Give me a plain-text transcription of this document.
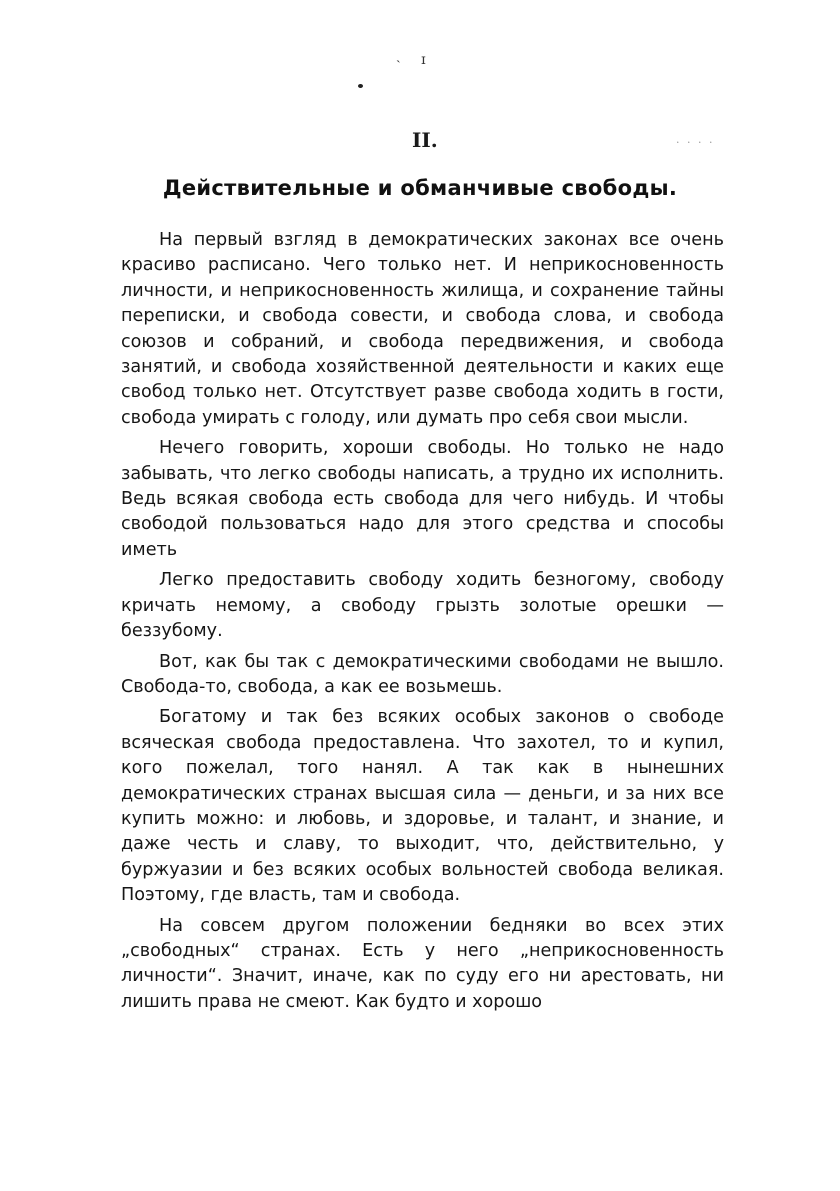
˴ ɪ
II.	· · · ·
Действительные и обманчивые свободы.

На первый взгляд в демократических законах все очень красиво расписано. Чего только нет. И неприкосновенность личности, и неприкосновенность жилища, и сохранение тайны переписки, и свобода совести, и свобода слова, и свобода союзов и собраний, и свобода передвижения, и свобода занятий, и свобода хозяйственной деятельности и каких еще свобод только нет. Отсутствует разве свобода ходить в гости, свобода умирать с голоду, или думать про себя свои мысли.

Нечего говорить, хороши свободы. Но только не надо забывать, что легко свободы написать, а трудно их исполнить. Ведь всякая свобода есть свобода для чего нибудь. И чтобы свободой пользоваться надо для этого средства и способы иметь

Легко предоставить свободу ходить безногому, свободу кричать немому, а свободу грызть золотые орешки — беззубому.

Вот, как бы так с демократическими свободами не вышло. Свобода-то, свобода, а как ее возьмешь.

Богатому и так без всяких особых законов о свободе всяческая свобода предоставлена. Что захотел, то и купил, кого пожелал, того нанял. А так как в нынешних демократических странах высшая сила — деньги, и за них все купить можно: и любовь, и здоровье, и талант, и знание, и даже честь и славу, то выходит, что, действительно, у буржуазии и без всяких особых вольностей свобода великая. Поэтому, где власть, там и свобода.

На совсем другом положении бедняки во всех этих „свободных“ странах. Есть у него „неприкосновенность личности“. Значит, иначе, как по суду его ни арестовать, ни лишить права не смеют. Как будто и хорошо
